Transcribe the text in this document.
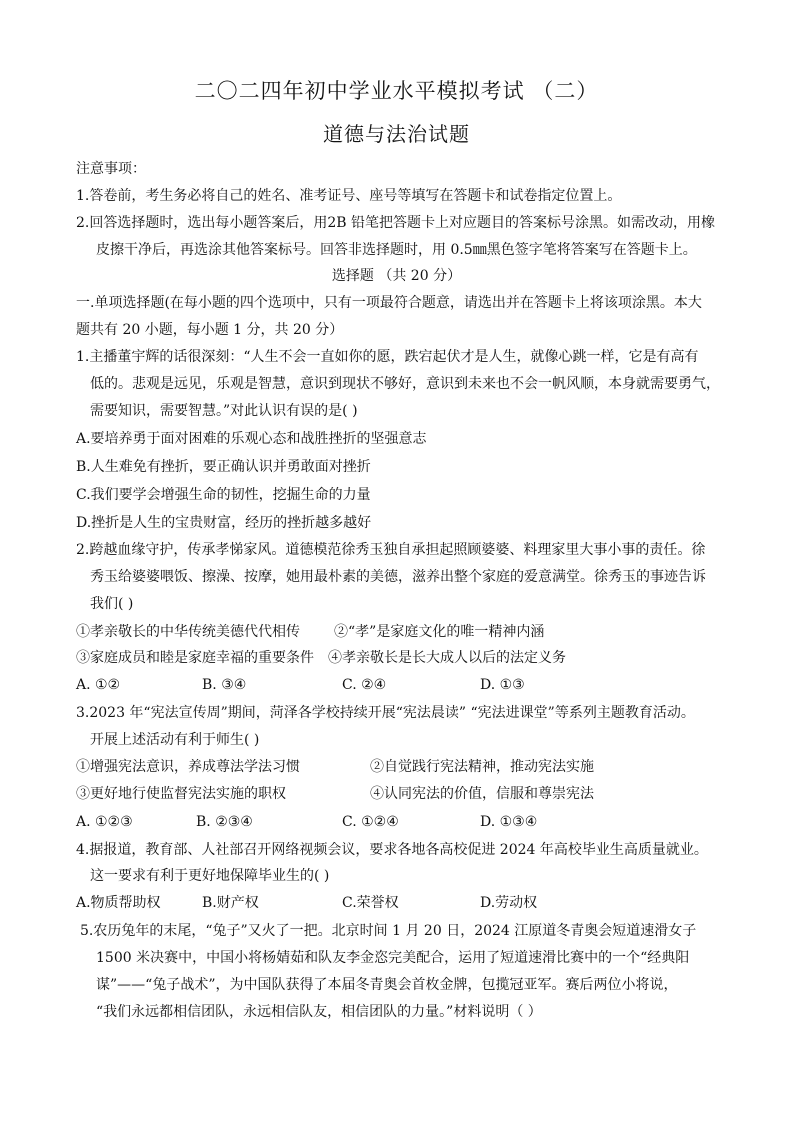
二〇二四年初中学业水平模拟考试 （二）
道德与法治试题
注意事项：
1.答卷前，考生务必将自己的姓名、准考证号、座号等填写在答题卡和试卷指定位置上。
2.回答选择题时，选出每小题答案后，用2B 铅笔把答题卡上对应题目的答案标号涂黑。如需改动，用橡
皮擦干净后，再选涂其他答案标号。回答非选择题时，用 0.5㎜黑色签字笔将答案写在答题卡上。
选择题 （共 20 分）
一.单项选择题(在每小题的四个选项中，只有一项最符合题意，请选出并在答题卡上将该项涂黑。本大
题共有 20 小题，每小题 1 分，共 20 分）
1.主播董宇辉的话很深刻：“人生不会一直如你的愿，跌宕起伏才是人生，就像心跳一样，它是有高有
低的。悲观是远见，乐观是智慧，意识到现状不够好，意识到未来也不会一帆风顺，本身就需要勇气，
需要知识，需要智慧。”对此认识有误的是( )
A.要培养勇于面对困难的乐观心态和战胜挫折的坚强意志
B.人生难免有挫折，要正确认识并勇敢面对挫折
C.我们要学会增强生命的韧性，挖掘生命的力量
D.挫折是人生的宝贵财富，经历的挫折越多越好
2.跨越血缘守护，传承孝悌家风。道德模范徐秀玉独自承担起照顾婆婆、料理家里大事小事的责任。徐
秀玉给婆婆喂饭、擦澡、按摩，她用最朴素的美德，滋养出整个家庭的爱意满堂。徐秀玉的事迹告诉
我们( )
①孝亲敬长的中华传统美德代代相传 ②“孝”是家庭文化的唯一精神内涵
③家庭成员和睦是家庭幸福的重要条件 ④孝亲敬长是长大成人以后的法定义务
A. ①②	B. ③④	C. ②④	D. ①③
3.2023 年“宪法宣传周”期间，菏泽各学校持续开展“宪法晨读” “宪法进课堂”等系列主题教育活动。
开展上述活动有利于师生( )
①增强宪法意识，养成尊法学法习惯	②自觉践行宪法精神，推动宪法实施
③更好地行使监督宪法实施的职权	④认同宪法的价值，信服和尊崇宪法
A. ①②③	B. ②③④	C. ①②④	D. ①③④
4.据报道，教育部、人社部召开网络视频会议，要求各地各高校促进 2024 年高校毕业生高质量就业。
这一要求有利于更好地保障毕业生的( )
A.物质帮助权	B.财产权	C.荣誉权	D.劳动权
5.农历兔年的末尾，“兔子”又火了一把。北京时间 1 月 20 日，2024 江原道冬青奥会短道速滑女子
1500 米决赛中，中国小将杨婧茹和队友李金恣完美配合，运用了短道速滑比赛中的一个“经典阳
谋”——“兔子战术”，为中国队获得了本届冬青奥会首枚金牌，包揽冠亚军。赛后两位小将说，
“我们永远都相信团队，永远相信队友，相信团队的力量。”材料说明（ ）
